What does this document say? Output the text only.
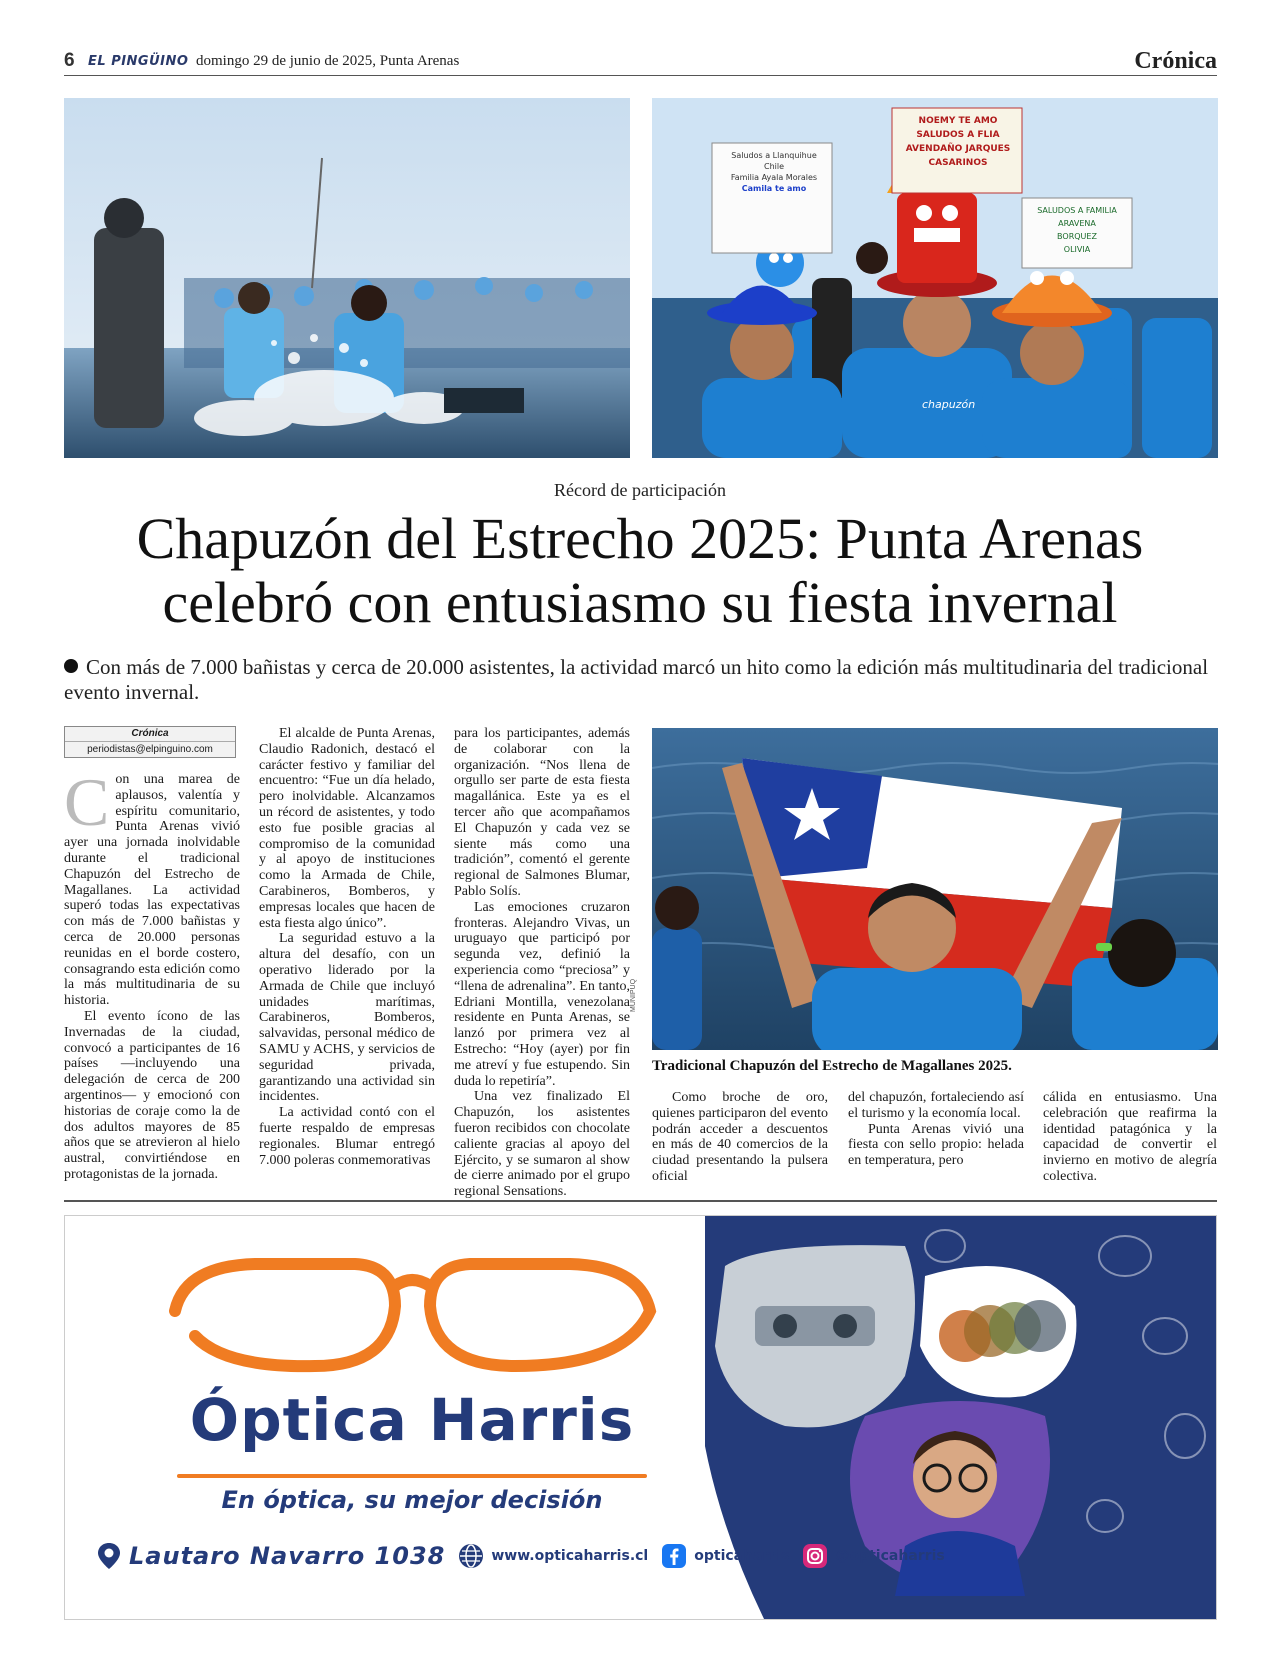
6 EL PINGÜINO domingo 29 de junio de 2025, Punta Arenas	Crónica
Saludos a Llanquihue
Chile
Familia Ayala Morales
Camila te amo
NOEMY TE AMO
SALUDOS A FLIA
AVENDAÑO JARQUES
CASARINOS
SALUDOS A FAMILIA
ARAVENA
BORQUEZ
OLIVIA
chapuzón
Récord de participación
Chapuzón del Estrecho 2025: Punta Arenas
celebró con entusiasmo su fiesta invernal
Con más de 7.000 bañistas y cerca de 20.000 asistentes, la actividad marcó un hito como la edición más multitudinaria del tradicional evento invernal.
Crónica
periodistas@elpinguino.com

Con una marea de aplausos, valentía y espíritu comunitario, Punta Arenas vivió ayer una jornada inolvidable durante el tradicional Chapuzón del Estrecho de Magallanes. La actividad superó todas las expectativas con más de 7.000 bañistas y cerca de 20.000 personas reunidas en el borde costero, consagrando esta edición como la más multitudinaria de su historia.

El evento ícono de las Invernadas de la ciudad, convocó a participantes de 16 países —incluyendo una delegación de cerca de 200 argentinos— y emocionó con historias de coraje como la de dos adultos mayores de 85 años que se atrevieron al hielo austral, convirtiéndose en protagonistas de la jornada.

El alcalde de Punta Arenas, Claudio Radonich, destacó el carácter festivo y familiar del encuentro: “Fue un día helado, pero inolvidable. Alcanzamos un récord de asistentes, y todo esto fue posible gracias al compromiso de la comunidad y al apoyo de instituciones como la Armada de Chile, Carabineros, Bomberos, y empresas locales que hacen de esta fiesta algo único”.

La seguridad estuvo a la altura del desafío, con un operativo liderado por la Armada de Chile que incluyó unidades marítimas, Carabineros, Bomberos, salvavidas, personal médico de SAMU y ACHS, y servicios de seguridad privada, garantizando una actividad sin incidentes.

La actividad contó con el fuerte respaldo de empresas regionales. Blumar entregó 7.000 poleras conmemorativas

para los participantes, además de colaborar con la organización. “Nos llena de orgullo ser parte de esta fiesta magallánica. Este ya es el tercer año que acompañamos El Chapuzón y cada vez se siente más como una tradición”, comentó el gerente regional de Salmones Blumar, Pablo Solís.

Las emociones cruzaron fronteras. Alejandro Vivas, un uruguayo que participó por segunda vez, definió la experiencia como “preciosa” y “llena de adrenalina”. En tanto, Edriani Montilla, venezolana residente en Punta Arenas, se lanzó por primera vez al Estrecho: “Hoy (ayer) por fin me atreví y fue estupendo. Sin duda lo repetiría”.

Una vez finalizado El Chapuzón, los asistentes fueron recibidos con chocolate caliente gracias al apoyo del Ejército, y se sumaron al show de cierre animado por el grupo regional Sensations.

MUNIPUQ
Tradicional Chapuzón del Estrecho de Magallanes 2025.

Como broche de oro, quienes participaron del evento podrán acceder a descuentos en más de 40 comercios de la ciudad presentando la pulsera oficial

del chapuzón, fortaleciendo así el turismo y la economía local.

Punta Arenas vivió una fiesta con sello propio: helada en temperatura, pero

cálida en entusiasmo. Una celebración que reafirma la identidad patagónica y la capacidad de convertir el invierno en motivo de alegría colectiva.

Óptica Harris
En óptica, su mejor decisión
Lautaro Navarro 1038	www.opticaharris.cl	opticaharris	@opticaharris
